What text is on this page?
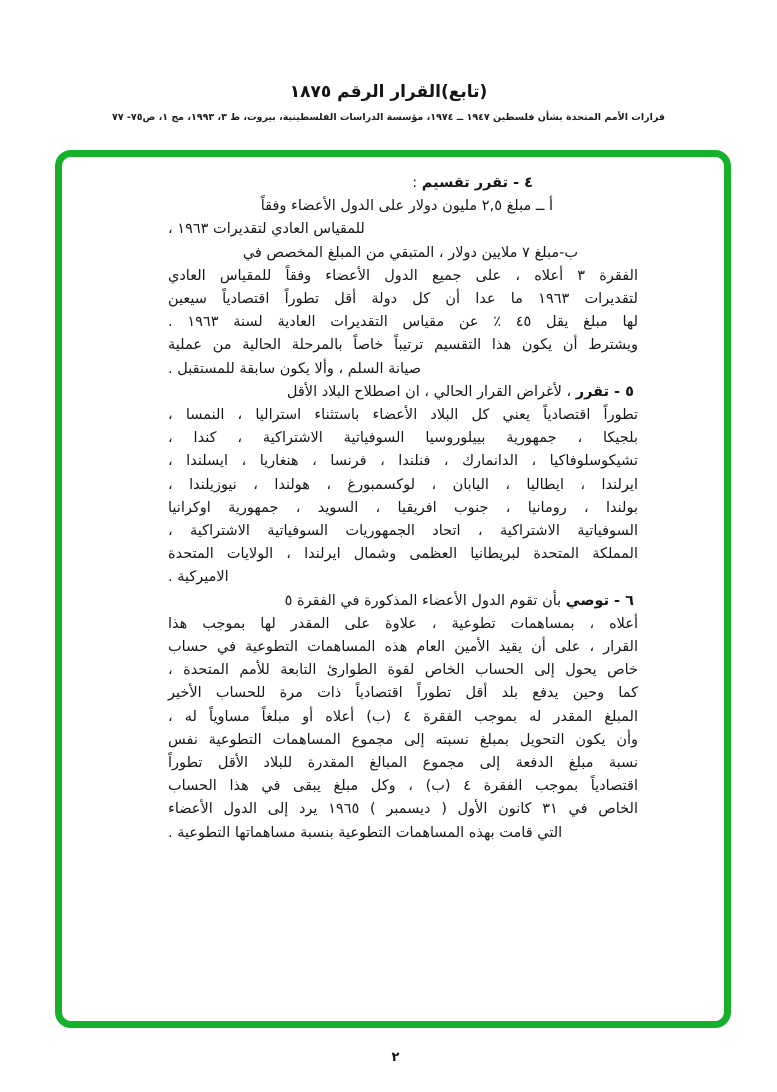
(تابع)القرار الرقم ١٨٧٥
قرارات الأمم المتحدة بشأن فلسطين ١٩٤٧ ــ ١٩٧٤، مؤسسة الدراسات الفلسطينية، بيروت، ط ٣، ١٩٩٣، مج ١، ص٧٥- ٧٧
٤ - تقرر تقسيم :
أ ــ مبلغ ٢,٥ مليون دولار على الدول الأعضاء وفقاً
للمقياس العادي لتقديرات ١٩٦٣ ،
ب-مبلغ ٧ ملايين دولار ، المتبقي من المبلغ المخصص في
الفقرة ٣ أعلاه ، على جميع الدول الأعضاء وفقاً للمقياس العادي
لتقديرات ١٩٦٣ ما عدا أن كل دولة أقل تطوراً اقتصادياً سيعين
لها مبلغ يقل ٤٥ ٪ عن مقياس التقديرات العادية لسنة ١٩٦٣ .
ويشترط أن يكون هذا التقسيم ترتيباً خاصاً بالمرحلة الحالية من عملية
صيانة السلم ، وألا يكون سابقة للمستقبل .
٥ - تقرر ، لأغراض القرار الحالي ، ان اصطلاح البلاد الأقل
تطوراً اقتصادياً يعني كل البلاد الأعضاء باستثناء استراليا ، النمسا ،
بلجيكا ، جمهورية بييلوروسيا السوفياتية الاشتراكية ، كندا ،
تشيكوسلوفاكيا ، الدانمارك ، فنلندا ، فرنسا ، هنغاريا ، ايسلندا ،
ايرلندا ، ايطاليا ، اليابان ، لوكسمبورغ ، هولندا ، نيوزيلندا ،
بولندا ، رومانيا ، جنوب افريقيا ، السويد ، جمهورية اوكرانيا
السوفياتية الاشتراكية ، اتحاد الجمهوريات السوفياتية الاشتراكية ،
المملكة المتحدة لبريطانيا العظمى وشمال ايرلندا ، الولايات المتحدة
الاميركية .
٦ - توصي بأن تقوم الدول الأعضاء المذكورة في الفقرة ٥
أعلاه ، بمساهمات تطوعية ، علاوة على المقدر لها بموجب هذا
القرار ، على أن يقيد الأمين العام هذه المساهمات التطوعية في حساب
خاص يحول إلى الحساب الخاص لقوة الطوارئ التابعة للأمم المتحدة ،
كما وحين يدفع بلد أقل تطوراً اقتصادياً ذات مرة للحساب الأخير
المبلغ المقدر له بموجب الفقرة ٤ (ب) أعلاه أو مبلغاً مساوياً له ،
وأن يكون التحويل بمبلغ نسبته إلى مجموع المساهمات التطوعية نفس
نسبة مبلغ الدفعة إلى مجموع المبالغ المقدرة للبلاد الأقل تطوراً
اقتصادياً بموجب الفقرة ٤ (ب) ، وكل مبلغ يبقى في هذا الحساب
الخاص في ٣١ كانون الأول ( ديسمبر ) ١٩٦٥ يرد إلى الدول الأعضاء
التي قامت بهذه المساهمات التطوعية بنسبة مساهماتها التطوعية .
٢
